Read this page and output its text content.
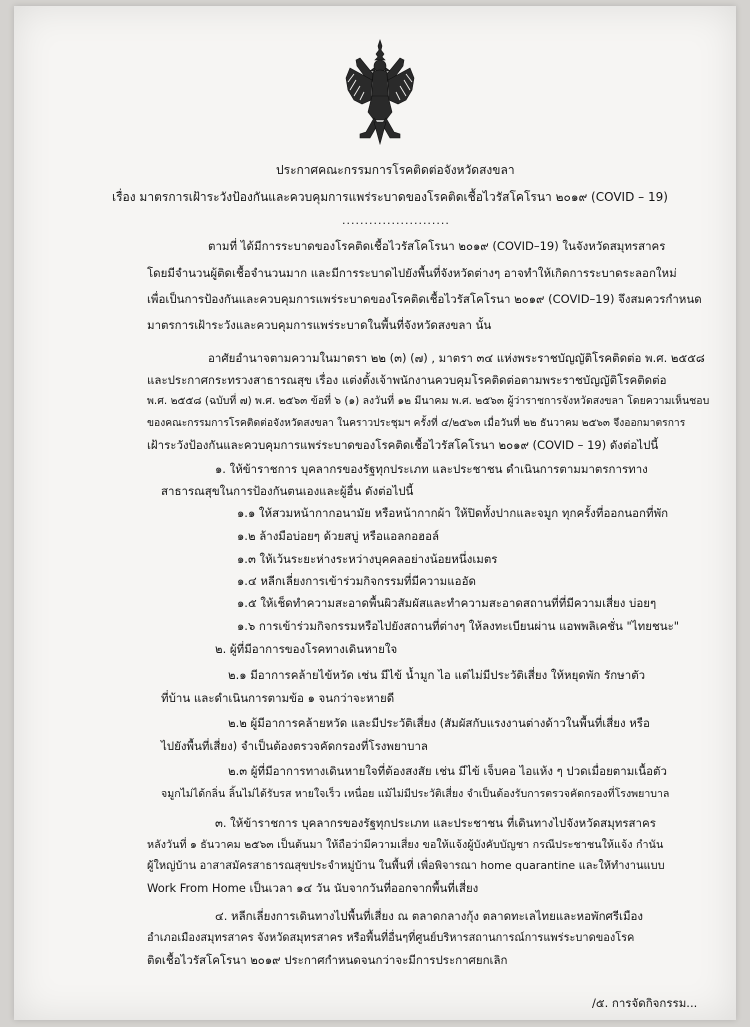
ประกาศคณะกรรมการโรคติดต่อจังหวัดสงขลา
เรื่อง มาตรการเฝ้าระวังป้องกันและควบคุมการแพร่ระบาดของโรคติดเชื้อไวรัสโคโรนา ๒๐๑๙ (COVID – 19)
........................
ตามที่ ได้มีการระบาดของโรคติดเชื้อไวรัสโคโรนา ๒๐๑๙ (COVID–19) ในจังหวัดสมุทรสาคร
โดยมีจำนวนผู้ติดเชื้อจำนวนมาก และมีการระบาดไปยังพื้นที่จังหวัดต่างๆ อาจทำให้เกิดการระบาดระลอกใหม่
เพื่อเป็นการป้องกันและควบคุมการแพร่ระบาดของโรคติดเชื้อไวรัสโคโรนา ๒๐๑๙ (COVID–19) จึงสมควรกำหนด
มาตรการเฝ้าระวังและควบคุมการแพร่ระบาดในพื้นที่จังหวัดสงขลา นั้น
อาศัยอำนาจตามความในมาตรา ๒๒ (๓) (๗) , มาตรา ๓๔ แห่งพระราชบัญญัติโรคติดต่อ พ.ศ. ๒๕๕๘
และประกาศกระทรวงสาธารณสุข เรื่อง แต่งตั้งเจ้าพนักงานควบคุมโรคติดต่อตามพระราชบัญญัติโรคติดต่อ
พ.ศ. ๒๕๕๘ (ฉบับที่ ๗) พ.ศ. ๒๕๖๓ ข้อที่ ๖ (๑) ลงวันที่ ๑๒ มีนาคม พ.ศ. ๒๕๖๓ ผู้ว่าราชการจังหวัดสงขลา โดยความเห็นชอบ
ของคณะกรรมการโรคติดต่อจังหวัดสงขลา ในคราวประชุมฯ ครั้งที่ ๔/๒๕๖๓ เมื่อวันที่ ๒๒ ธันวาคม ๒๕๖๓ จึงออกมาตรการ
เฝ้าระวังป้องกันและควบคุมการแพร่ระบาดของโรคติดเชื้อไวรัสโคโรนา ๒๐๑๙ (COVID – 19) ดังต่อไปนี้
๑. ให้ข้าราชการ บุคลากรของรัฐทุกประเภท และประชาชน ดำเนินการตามมาตรการทาง
สาธารณสุขในการป้องกันตนเองและผู้อื่น ดังต่อไปนี้
๑.๑ ให้สวมหน้ากากอนามัย หรือหน้ากากผ้า ให้ปิดทั้งปากและจมูก ทุกครั้งที่ออกนอกที่พัก
๑.๒ ล้างมือบ่อยๆ ด้วยสบู่ หรือแอลกอฮอล์
๑.๓ ให้เว้นระยะห่างระหว่างบุคคลอย่างน้อยหนึ่งเมตร
๑.๔ หลีกเลี่ยงการเข้าร่วมกิจกรรมที่มีความแออัด
๑.๕ ให้เช็ดทำความสะอาดพื้นผิวสัมผัสและทำความสะอาดสถานที่ที่มีความเสี่ยง บ่อยๆ
๑.๖ การเข้าร่วมกิจกรรมหรือไปยังสถานที่ต่างๆ ให้ลงทะเบียนผ่าน แอพพลิเคชั่น "ไทยชนะ"
๒. ผู้ที่มีอาการของโรคทางเดินหายใจ
๒.๑ มีอาการคล้ายไข้หวัด เช่น มีไข้ น้ำมูก ไอ แต่ไม่มีประวัติเสี่ยง ให้หยุดพัก รักษาตัว
ที่บ้าน และดำเนินการตามข้อ ๑ จนกว่าจะหายดี
๒.๒ ผู้มีอาการคล้ายหวัด และมีประวัติเสี่ยง (สัมผัสกับแรงงานต่างด้าวในพื้นที่เสี่ยง หรือ
ไปยังพื้นที่เสี่ยง) จำเป็นต้องตรวจคัดกรองที่โรงพยาบาล
๒.๓ ผู้ที่มีอาการทางเดินหายใจที่ต้องสงสัย เช่น มีไข้ เจ็บคอ ไอแห้ง ๆ ปวดเมื่อยตามเนื้อตัว
จมูกไม่ได้กลิ่น ลิ้นไม่ได้รับรส หายใจเร็ว เหนื่อย แม้ไม่มีประวัติเสี่ยง จำเป็นต้องรับการตรวจคัดกรองที่โรงพยาบาล
๓. ให้ข้าราชการ บุคลากรของรัฐทุกประเภท และประชาชน ที่เดินทางไปจังหวัดสมุทรสาคร
หลังวันที่ ๑ ธันวาคม ๒๕๖๓ เป็นต้นมา ให้ถือว่ามีความเสี่ยง ขอให้แจ้งผู้บังคับบัญชา กรณีประชาชนให้แจ้ง กำนัน
ผู้ใหญ่บ้าน อาสาสมัครสาธารณสุขประจำหมู่บ้าน ในพื้นที่ เพื่อพิจารณา home quarantine และให้ทำงานแบบ
Work From Home เป็นเวลา ๑๔ วัน นับจากวันที่ออกจากพื้นที่เสี่ยง
๔. หลีกเลี่ยงการเดินทางไปพื้นที่เสี่ยง ณ ตลาดกลางกุ้ง ตลาดทะเลไทยและหอพักศรีเมือง
อำเภอเมืองสมุทรสาคร จังหวัดสมุทรสาคร หรือพื้นที่อื่นๆที่ศูนย์บริหารสถานการณ์การแพร่ระบาดของโรค
ติดเชื้อไวรัสโคโรนา ๒๐๑๙ ประกาศกำหนดจนกว่าจะมีการประกาศยกเลิก
/๕. การจัดกิจกรรม...
